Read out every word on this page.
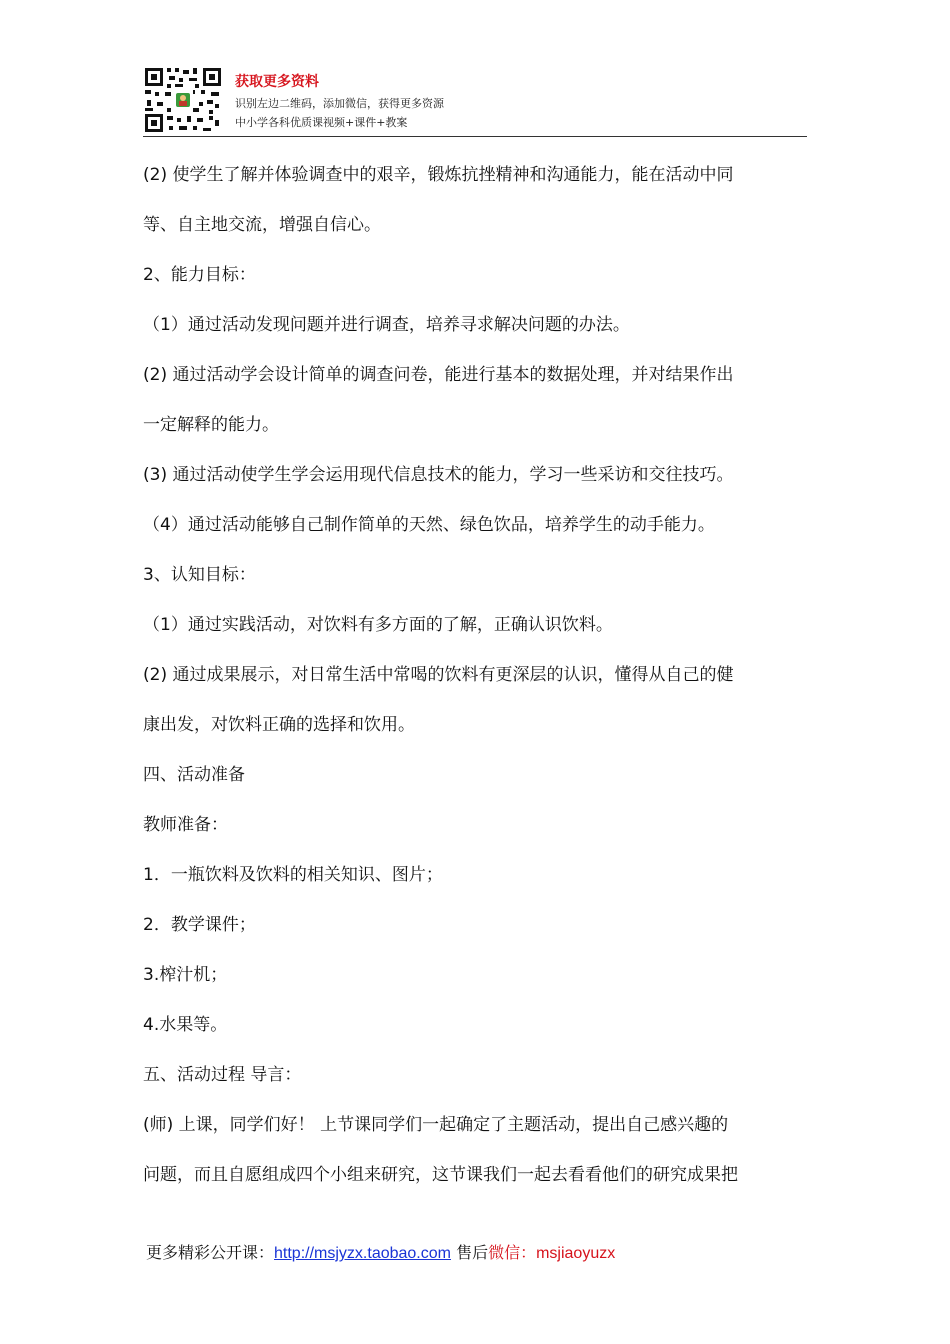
获取更多资料
识别左边二维码，添加微信，获得更多资源
中小学各科优质课视频+课件+教案
(2) 使学生了解并体验调查中的艰辛，锻炼抗挫精神和沟通能力，能在活动中同
等、自主地交流，增强自信心。
2、能力目标：
（1）通过活动发现问题并进行调查，培养寻求解决问题的办法。
(2) 通过活动学会设计简单的调查问卷，能进行基本的数据处理，并对结果作出
一定解释的能力。
(3) 通过活动使学生学会运用现代信息技术的能力，学习一些采访和交往技巧。
（4）通过活动能够自己制作简单的天然、绿色饮品，培养学生的动手能力。
3、认知目标：
（1）通过实践活动，对饮料有多方面的了解，正确认识饮料。
(2) 通过成果展示，对日常生活中常喝的饮料有更深层的认识，懂得从自己的健
康出发，对饮料正确的选择和饮用。
四、活动准备
教师准备：
1．一瓶饮料及饮料的相关知识、图片；
2．教学课件；
3.榨汁机；
4.水果等。
五、活动过程 导言：
(师) 上课，同学们好！ 上节课同学们一起确定了主题活动，提出自己感兴趣的
问题，而且自愿组成四个小组来研究，这节课我们一起去看看他们的研究成果把
更多精彩公开课：http://msjyzx.taobao.com 售后微信：msjiaoyuzx
